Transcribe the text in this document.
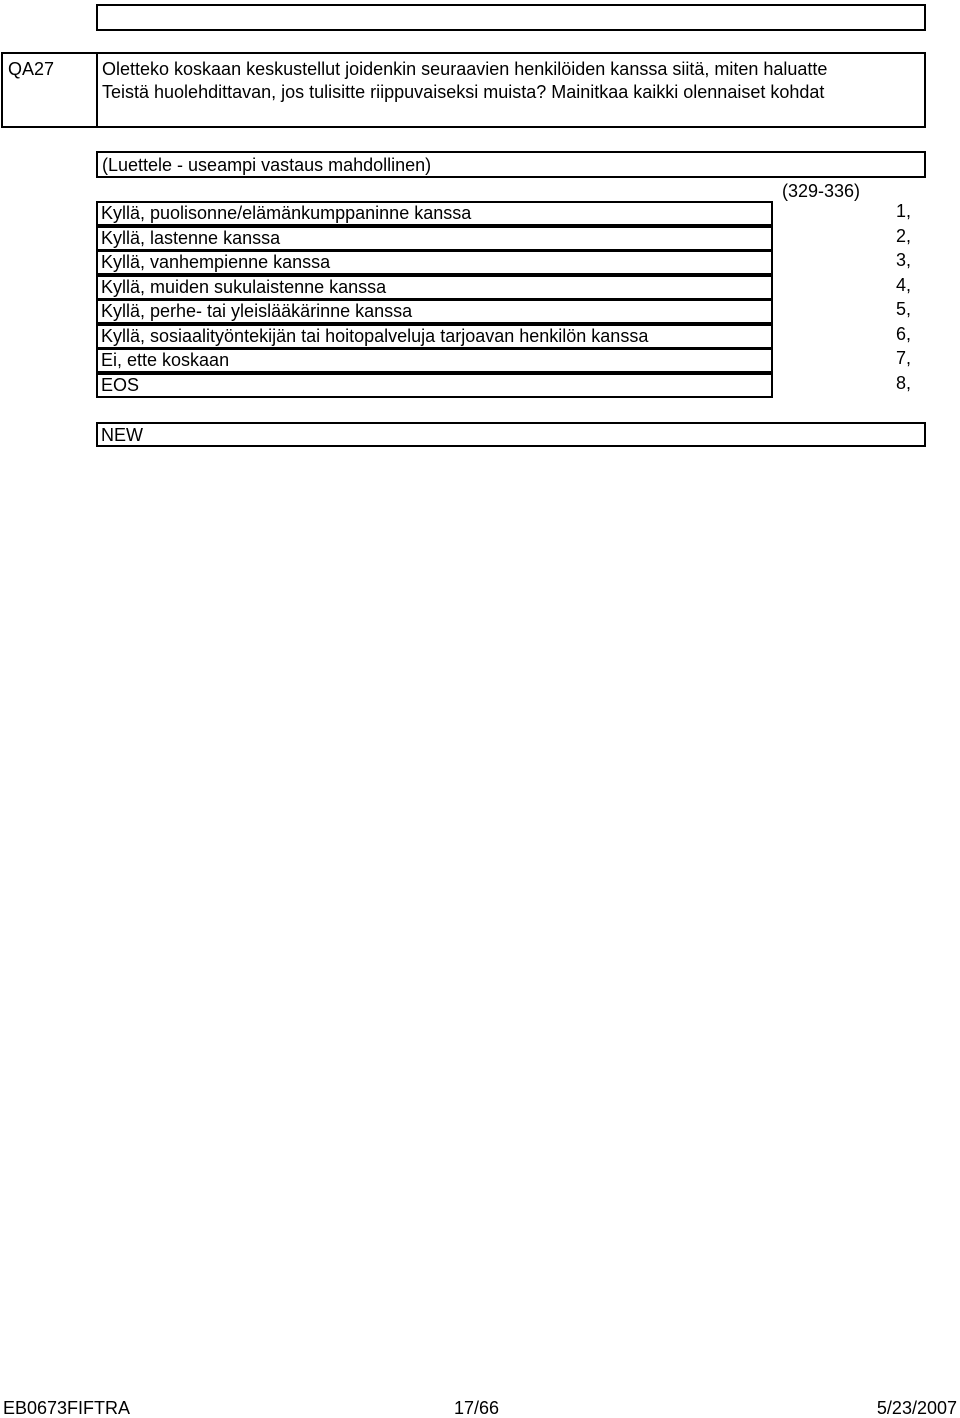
QA27	Oletteko koskaan keskustellut joidenkin seuraavien henkilöiden kanssa siitä, miten haluatte
Teistä huolehdittavan, jos tulisitte riippuvaiseksi muista? Mainitkaa kaikki olennaiset kohdat
(Luettele - useampi vastaus mahdollinen)
(329-336)
Kyllä, puolisonne/elämänkumppaninne kanssa	1,
Kyllä, lastenne kanssa	2,
Kyllä, vanhempienne kanssa	3,
Kyllä, muiden sukulaistenne kanssa	4,
Kyllä, perhe- tai yleislääkärinne kanssa	5,
Kyllä, sosiaalityöntekijän tai hoitopalveluja tarjoavan henkilön kanssa	6,
Ei, ette koskaan	7,
EOS	8,
NEW
EB0673FIFTRA	17/66	5/23/2007
